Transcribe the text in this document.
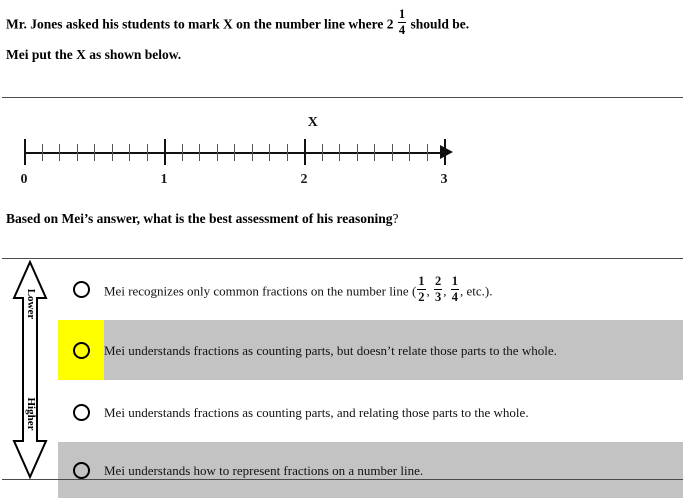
Mr. Jones asked his students to mark X on the number line where $2 \frac{1}{4}$ should be.
Mei put the X as shown below.
0	1	2	3
X
Based on Mei’s answer, what is the best assessment of his reasoning?
Lower
Higher
Mei recognizes only common fractions on the number line ( $\frac{1}{2}$ , $\frac{2}{3}$ , $\frac{1}{4}$ , etc.).
Mei understands fractions as counting parts, but doesn’t relate those parts to the whole.
Mei understands fractions as counting parts, and relating those parts to the whole.
Mei understands how to represent fractions on a number line.
